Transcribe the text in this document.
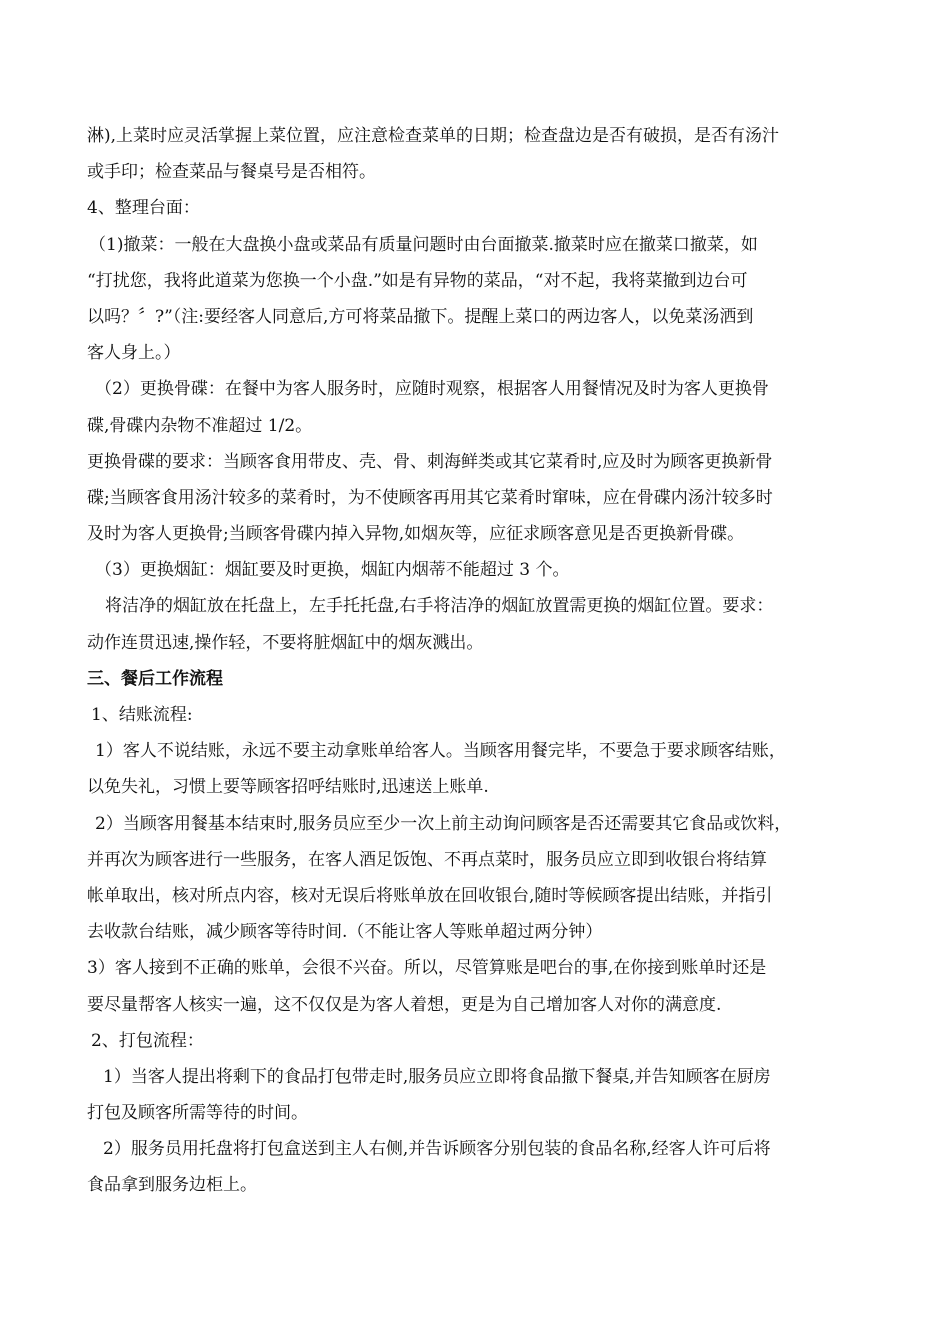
淋),上菜时应灵活掌握上菜位置，应注意检查菜单的日期；检查盘边是否有破损，是否有汤汁
或手印；检查菜品与餐桌号是否相符。
4、整理台面：
（1)撤菜：一般在大盘换小盘或菜品有质量问题时由台面撤菜.撤菜时应在撤菜口撤菜，如
“打扰您，我将此道菜为您换一个小盘.”如是有异物的菜品，“对不起，我将菜撤到边台可
以吗？〞?”（注:要经客人同意后,方可将菜品撤下。提醒上菜口的两边客人，以免菜汤洒到
客人身上。）
（2）更换骨碟：在餐中为客人服务时，应随时观察，根据客人用餐情况及时为客人更换骨
碟,骨碟内杂物不准超过 1/2。
更换骨碟的要求：当顾客食用带皮、壳、骨、刺海鲜类或其它菜肴时,应及时为顾客更换新骨
碟;当顾客食用汤汁较多的菜肴时，为不使顾客再用其它菜肴时窜味，应在骨碟内汤汁较多时
及时为客人更换骨;当顾客骨碟内掉入异物,如烟灰等，应征求顾客意见是否更换新骨碟。
（3）更换烟缸：烟缸要及时更换，烟缸内烟蒂不能超过 3 个。
将洁净的烟缸放在托盘上，左手托托盘,右手将洁净的烟缸放置需更换的烟缸位置。要求：
动作连贯迅速,操作轻，不要将脏烟缸中的烟灰溅出。
三、餐后工作流程
1、结账流程:
1）客人不说结账，永远不要主动拿账单给客人。当顾客用餐完毕，不要急于要求顾客结账，
以免失礼，习惯上要等顾客招呼结账时,迅速送上账单.
2）当顾客用餐基本结束时,服务员应至少一次上前主动询问顾客是否还需要其它食品或饮料，
并再次为顾客进行一些服务，在客人酒足饭饱、不再点菜时，服务员应立即到收银台将结算
帐单取出，核对所点内容，核对无误后将账单放在回收银台,随时等候顾客提出结账，并指引
去收款台结账，减少顾客等待时间.（不能让客人等账单超过两分钟）
3）客人接到不正确的账单，会很不兴奋。所以，尽管算账是吧台的事,在你接到账单时还是
要尽量帮客人核实一遍，这不仅仅是为客人着想，更是为自己增加客人对你的满意度.
2、打包流程：
1）当客人提出将剩下的食品打包带走时,服务员应立即将食品撤下餐桌,并告知顾客在厨房
打包及顾客所需等待的时间。
2）服务员用托盘将打包盒送到主人右侧,并告诉顾客分别包装的食品名称,经客人许可后将
食品拿到服务边柜上。
